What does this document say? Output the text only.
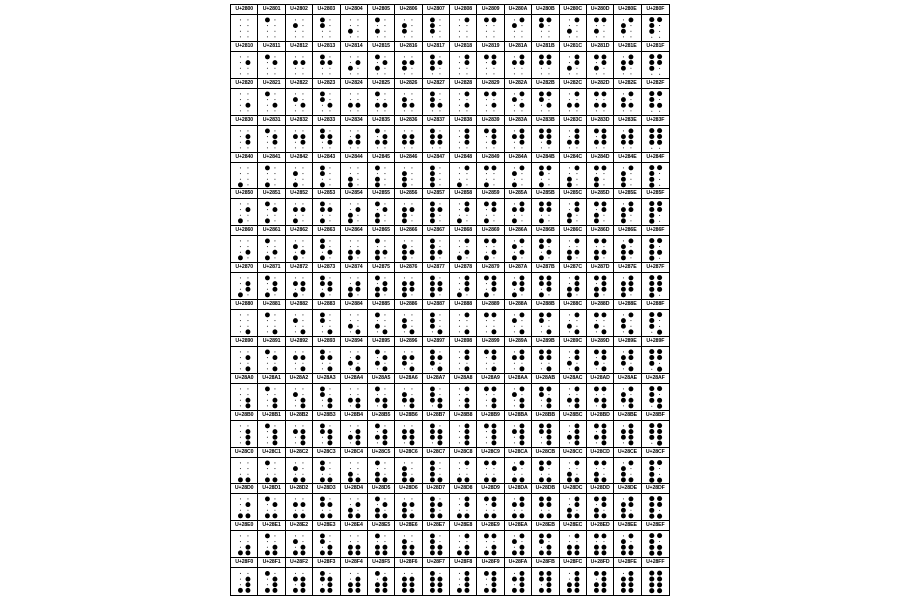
U+2800	U+2801	U+2802	U+2803	U+2804	U+2805	U+2806	U+2807	U+2808	U+2809	U+280A	U+280B	U+280C	U+280D	U+280E	U+280F
U+2810	U+2811	U+2812	U+2813	U+2814	U+2815	U+2816	U+2817	U+2818	U+2819	U+281A	U+281B	U+281C	U+281D	U+281E	U+281F
U+2820	U+2821	U+2822	U+2823	U+2824	U+2825	U+2826	U+2827	U+2828	U+2829	U+282A	U+282B	U+282C	U+282D	U+282E	U+282F
U+2830	U+2831	U+2832	U+2833	U+2834	U+2835	U+2836	U+2837	U+2838	U+2839	U+283A	U+283B	U+283C	U+283D	U+283E	U+283F
U+2840	U+2841	U+2842	U+2843	U+2844	U+2845	U+2846	U+2847	U+2848	U+2849	U+284A	U+284B	U+284C	U+284D	U+284E	U+284F
U+2850	U+2851	U+2852	U+2853	U+2854	U+2855	U+2856	U+2857	U+2858	U+2859	U+285A	U+285B	U+285C	U+285D	U+285E	U+285F
U+2860	U+2861	U+2862	U+2863	U+2864	U+2865	U+2866	U+2867	U+2868	U+2869	U+286A	U+286B	U+286C	U+286D	U+286E	U+286F
U+2870	U+2871	U+2872	U+2873	U+2874	U+2875	U+2876	U+2877	U+2878	U+2879	U+287A	U+287B	U+287C	U+287D	U+287E	U+287F
U+2880	U+2881	U+2882	U+2883	U+2884	U+2885	U+2886	U+2887	U+2888	U+2889	U+288A	U+288B	U+288C	U+288D	U+288E	U+288F
U+2890	U+2891	U+2892	U+2893	U+2894	U+2895	U+2896	U+2897	U+2898	U+2899	U+289A	U+289B	U+289C	U+289D	U+289E	U+289F
U+28A0	U+28A1	U+28A2	U+28A3	U+28A4	U+28A5	U+28A6	U+28A7	U+28A8	U+28A9	U+28AA	U+28AB	U+28AC	U+28AD	U+28AE	U+28AF
U+28B0	U+28B1	U+28B2	U+28B3	U+28B4	U+28B5	U+28B6	U+28B7	U+28B8	U+28B9	U+28BA	U+28BB	U+28BC	U+28BD	U+28BE	U+28BF
U+28C0	U+28C1	U+28C2	U+28C3	U+28C4	U+28C5	U+28C6	U+28C7	U+28C8	U+28C9	U+28CA	U+28CB	U+28CC	U+28CD	U+28CE	U+28CF
U+28D0	U+28D1	U+28D2	U+28D3	U+28D4	U+28D5	U+28D6	U+28D7	U+28D8	U+28D9	U+28DA	U+28DB	U+28DC	U+28DD	U+28DE	U+28DF
U+28E0	U+28E1	U+28E2	U+28E3	U+28E4	U+28E5	U+28E6	U+28E7	U+28E8	U+28E9	U+28EA	U+28EB	U+28EC	U+28ED	U+28EE	U+28EF
U+28F0	U+28F1	U+28F2	U+28F3	U+28F4	U+28F5	U+28F6	U+28F7	U+28F8	U+28F9	U+28FA	U+28FB	U+28FC	U+28FD	U+28FE	U+28FF
